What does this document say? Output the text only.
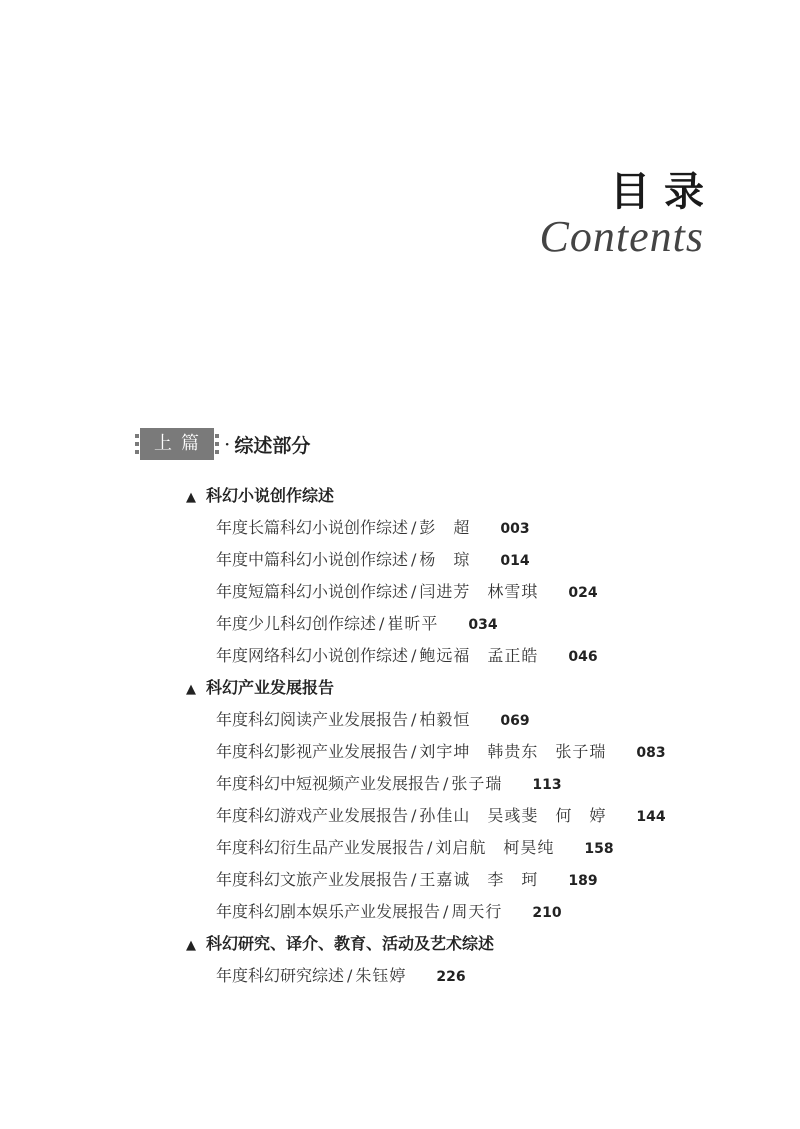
目录
Contents
上篇 · 综述部分
▲ 科幻小说创作综述
年度长篇科幻小说创作综述 / 彭　超 003
年度中篇科幻小说创作综述 / 杨　琼 014
年度短篇科幻小说创作综述 / 闫进芳　林雪琪 024
年度少儿科幻创作综述 / 崔昕平 034
年度网络科幻小说创作综述 / 鲍远福　孟正皓 046
▲ 科幻产业发展报告
年度科幻阅读产业发展报告 / 柏毅恒 069
年度科幻影视产业发展报告 / 刘宇坤　韩贵东　张子瑞 083
年度科幻中短视频产业发展报告 / 张子瑞 113
年度科幻游戏产业发展报告 / 孙佳山　吴彧斐　何　婷 144
年度科幻衍生品产业发展报告 / 刘启航　柯昊纯 158
年度科幻文旅产业发展报告 / 王嘉诚　李　珂 189
年度科幻剧本娱乐产业发展报告 / 周天行 210
▲ 科幻研究、译介、教育、活动及艺术综述
年度科幻研究综述 / 朱钰婷 226
